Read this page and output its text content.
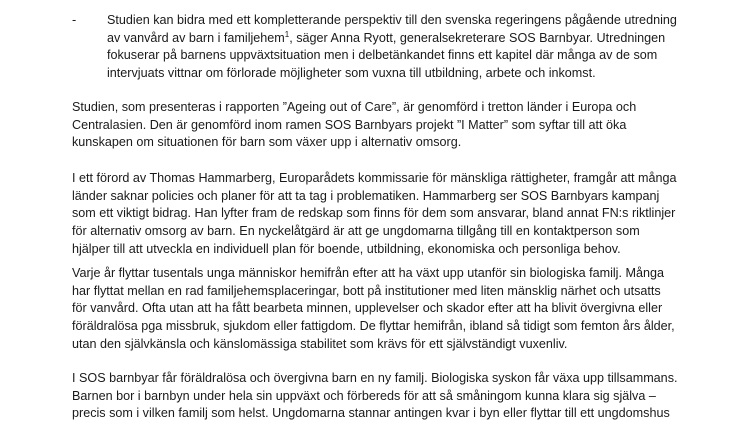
- Studien kan bidra med ett kompletterande perspektiv till den svenska regeringens pågående utredning
av vanvård av barn i familjehem$^1$, säger Anna Ryott, generalsekreterare SOS Barnbyar. Utredningen
fokuserar på barnens uppväxtsituation men i delbetänkandet finns ett kapitel där många av de som
intervjuats vittnar om förlorade möjligheter som vuxna till utbildning, arbete och inkomst.
Studien, som presenteras i rapporten ”Ageing out of Care”, är genomförd i tretton länder i Europa och
Centralasien. Den är genomförd inom ramen SOS Barnbyars projekt ”I Matter” som syftar till att öka
kunskapen om situationen för barn som växer upp i alternativ omsorg.
I ett förord av Thomas Hammarberg, Europarådets kommissarie för mänskliga rättigheter, framgår att många
länder saknar policies och planer för att ta tag i problematiken. Hammarberg ser SOS Barnbyars kampanj
som ett viktigt bidrag. Han lyfter fram de redskap som finns för dem som ansvarar, bland annat FN:s riktlinjer
för alternativ omsorg av barn. En nyckelåtgärd är att ge ungdomarna tillgång till en kontaktperson som
hjälper till att utveckla en individuell plan för boende, utbildning, ekonomiska och personliga behov.
Varje år flyttar tusentals unga människor hemifrån efter att ha växt upp utanför sin biologiska familj. Många
har flyttat mellan en rad familjehemsplaceringar, bott på institutioner med liten mänsklig närhet och utsatts
för vanvård. Ofta utan att ha fått bearbeta minnen, upplevelser och skador efter att ha blivit övergivna eller
föräldralösa pga missbruk, sjukdom eller fattigdom. De flyttar hemifrån, ibland så tidigt som femton års ålder,
utan den självkänsla och känslomässiga stabilitet som krävs för ett självständigt vuxenliv.
I SOS barnbyar får föräldralösa och övergivna barn en ny familj. Biologiska syskon får växa upp tillsammans.
Barnen bor i barnbyn under hela sin uppväxt och förbereds för att så småningom kunna klara sig själva –
precis som i vilken familj som helst. Ungdomarna stannar antingen kvar i byn eller flyttar till ett ungdomshus
